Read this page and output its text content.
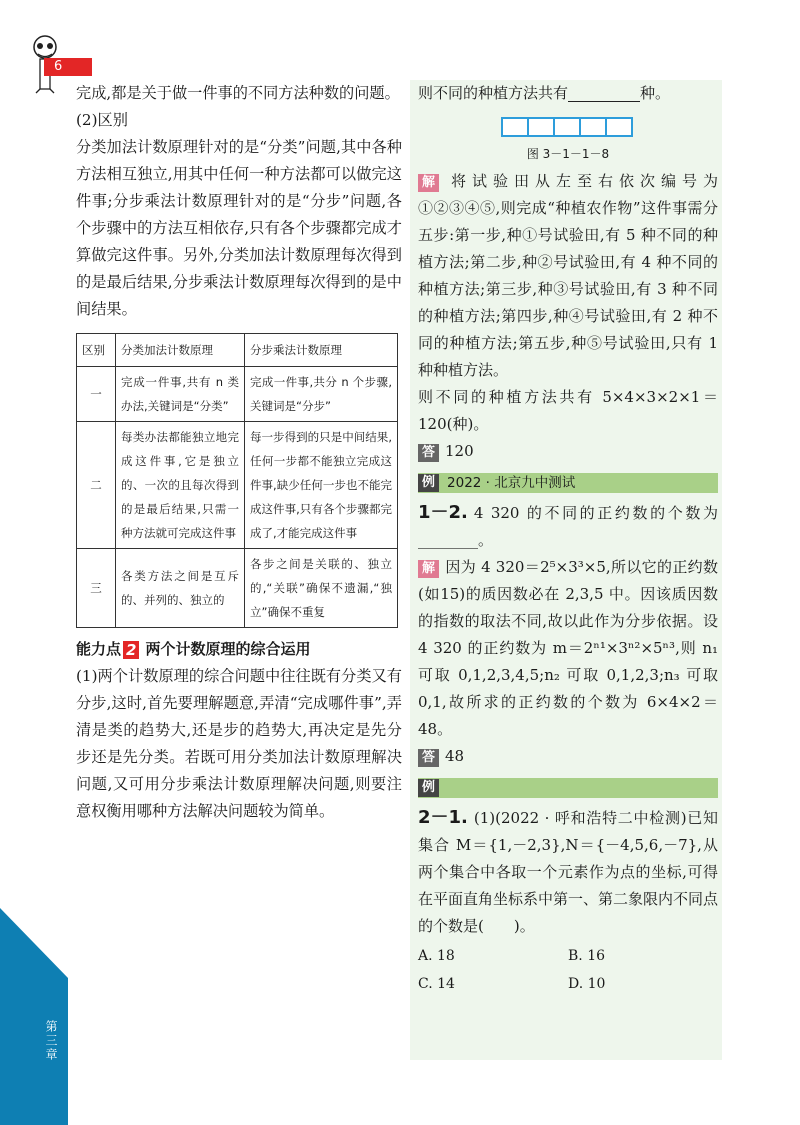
第三章
6

完成,都是关于做一件事的不同方法种数的问题。

(2)区别

分类加法计数原理针对的是“分类”问题,其中各种方法相互独立,用其中任何一种方法都可以做完这件事;分步乘法计数原理针对的是“分步”问题,各个步骤中的方法互相依存,只有各个步骤都完成才算做完这件事。另外,分类加法计数原理每次得到的是最后结果,分步乘法计数原理每次得到的是中间结果。

区别	分类加法计数原理	分步乘法计数原理
一	完成一件事,共有 n 类办法,关键词是“分类”	完成一件事,共分 n 个步骤,关键词是“分步”
二	每类办法都能独立地完成这件事,它是独立的、一次的且每次得到的是最后结果,只需一种方法就可完成这件事	每一步得到的只是中间结果,任何一步都不能独立完成这件事,缺少任何一步也不能完成这件事,只有各个步骤都完成了,才能完成这件事
三	各类方法之间是互斥的、并列的、独立的	各步之间是关联的、独立的,“关联”确保不遗漏,“独立”确保不重复
能力点 2 两个计数原理的综合运用

(1)两个计数原理的综合问题中往往既有分类又有分步,这时,首先要理解题意,弄清“完成哪件事”,弄清是类的趋势大,还是步的趋势大,再决定是先分步还是先分类。若既可用分类加法计数原理解决问题,又可用分步乘法计数原理解决问题,则要注意权衡用哪种方法解决问题较为简单。

则不同的种植方法共有	种。

图 3－1－1－8

解 将试验田从左至右依次编号为①②③④⑤,则完成“种植农作物”这件事需分五步:第一步,种①号试验田,有 5 种不同的种植方法;第二步,种②号试验田,有 4 种不同的种植方法;第三步,种③号试验田,有 3 种不同的种植方法;第四步,种④号试验田,有 2 种不同的种植方法;第五步,种⑤号试验田,只有 1 种种植方法。

则不同的种植方法共有 5×4×3×2×1＝120(种)。

答 120

例 2022 · 北京九中测试

1－2. 4 320 的不同的正约数的个数为________。

解 因为 4 320＝2⁵×3³×5,所以它的正约数(如15)的质因数必在 2,3,5 中。因该质因数的指数的取法不同,故以此作为分步依据。设 4 320 的正约数为 m＝2ⁿ¹×3ⁿ²×5ⁿ³,则 n₁ 可取 0,1,2,3,4,5;n₂ 可取 0,1,2,3;n₃ 可取 0,1,故所求的正约数的个数为 6×4×2＝48。

答 48

例

2－1. (1)(2022 · 呼和浩特二中检测)已知集合 M＝{1,－2,3},N＝{－4,5,6,－7},从两个集合中各取一个元素作为点的坐标,可得在平面直角坐标系中第一、第二象限内不同点的个数是(　　)。

A. 18	B. 16
C. 14	D. 10
